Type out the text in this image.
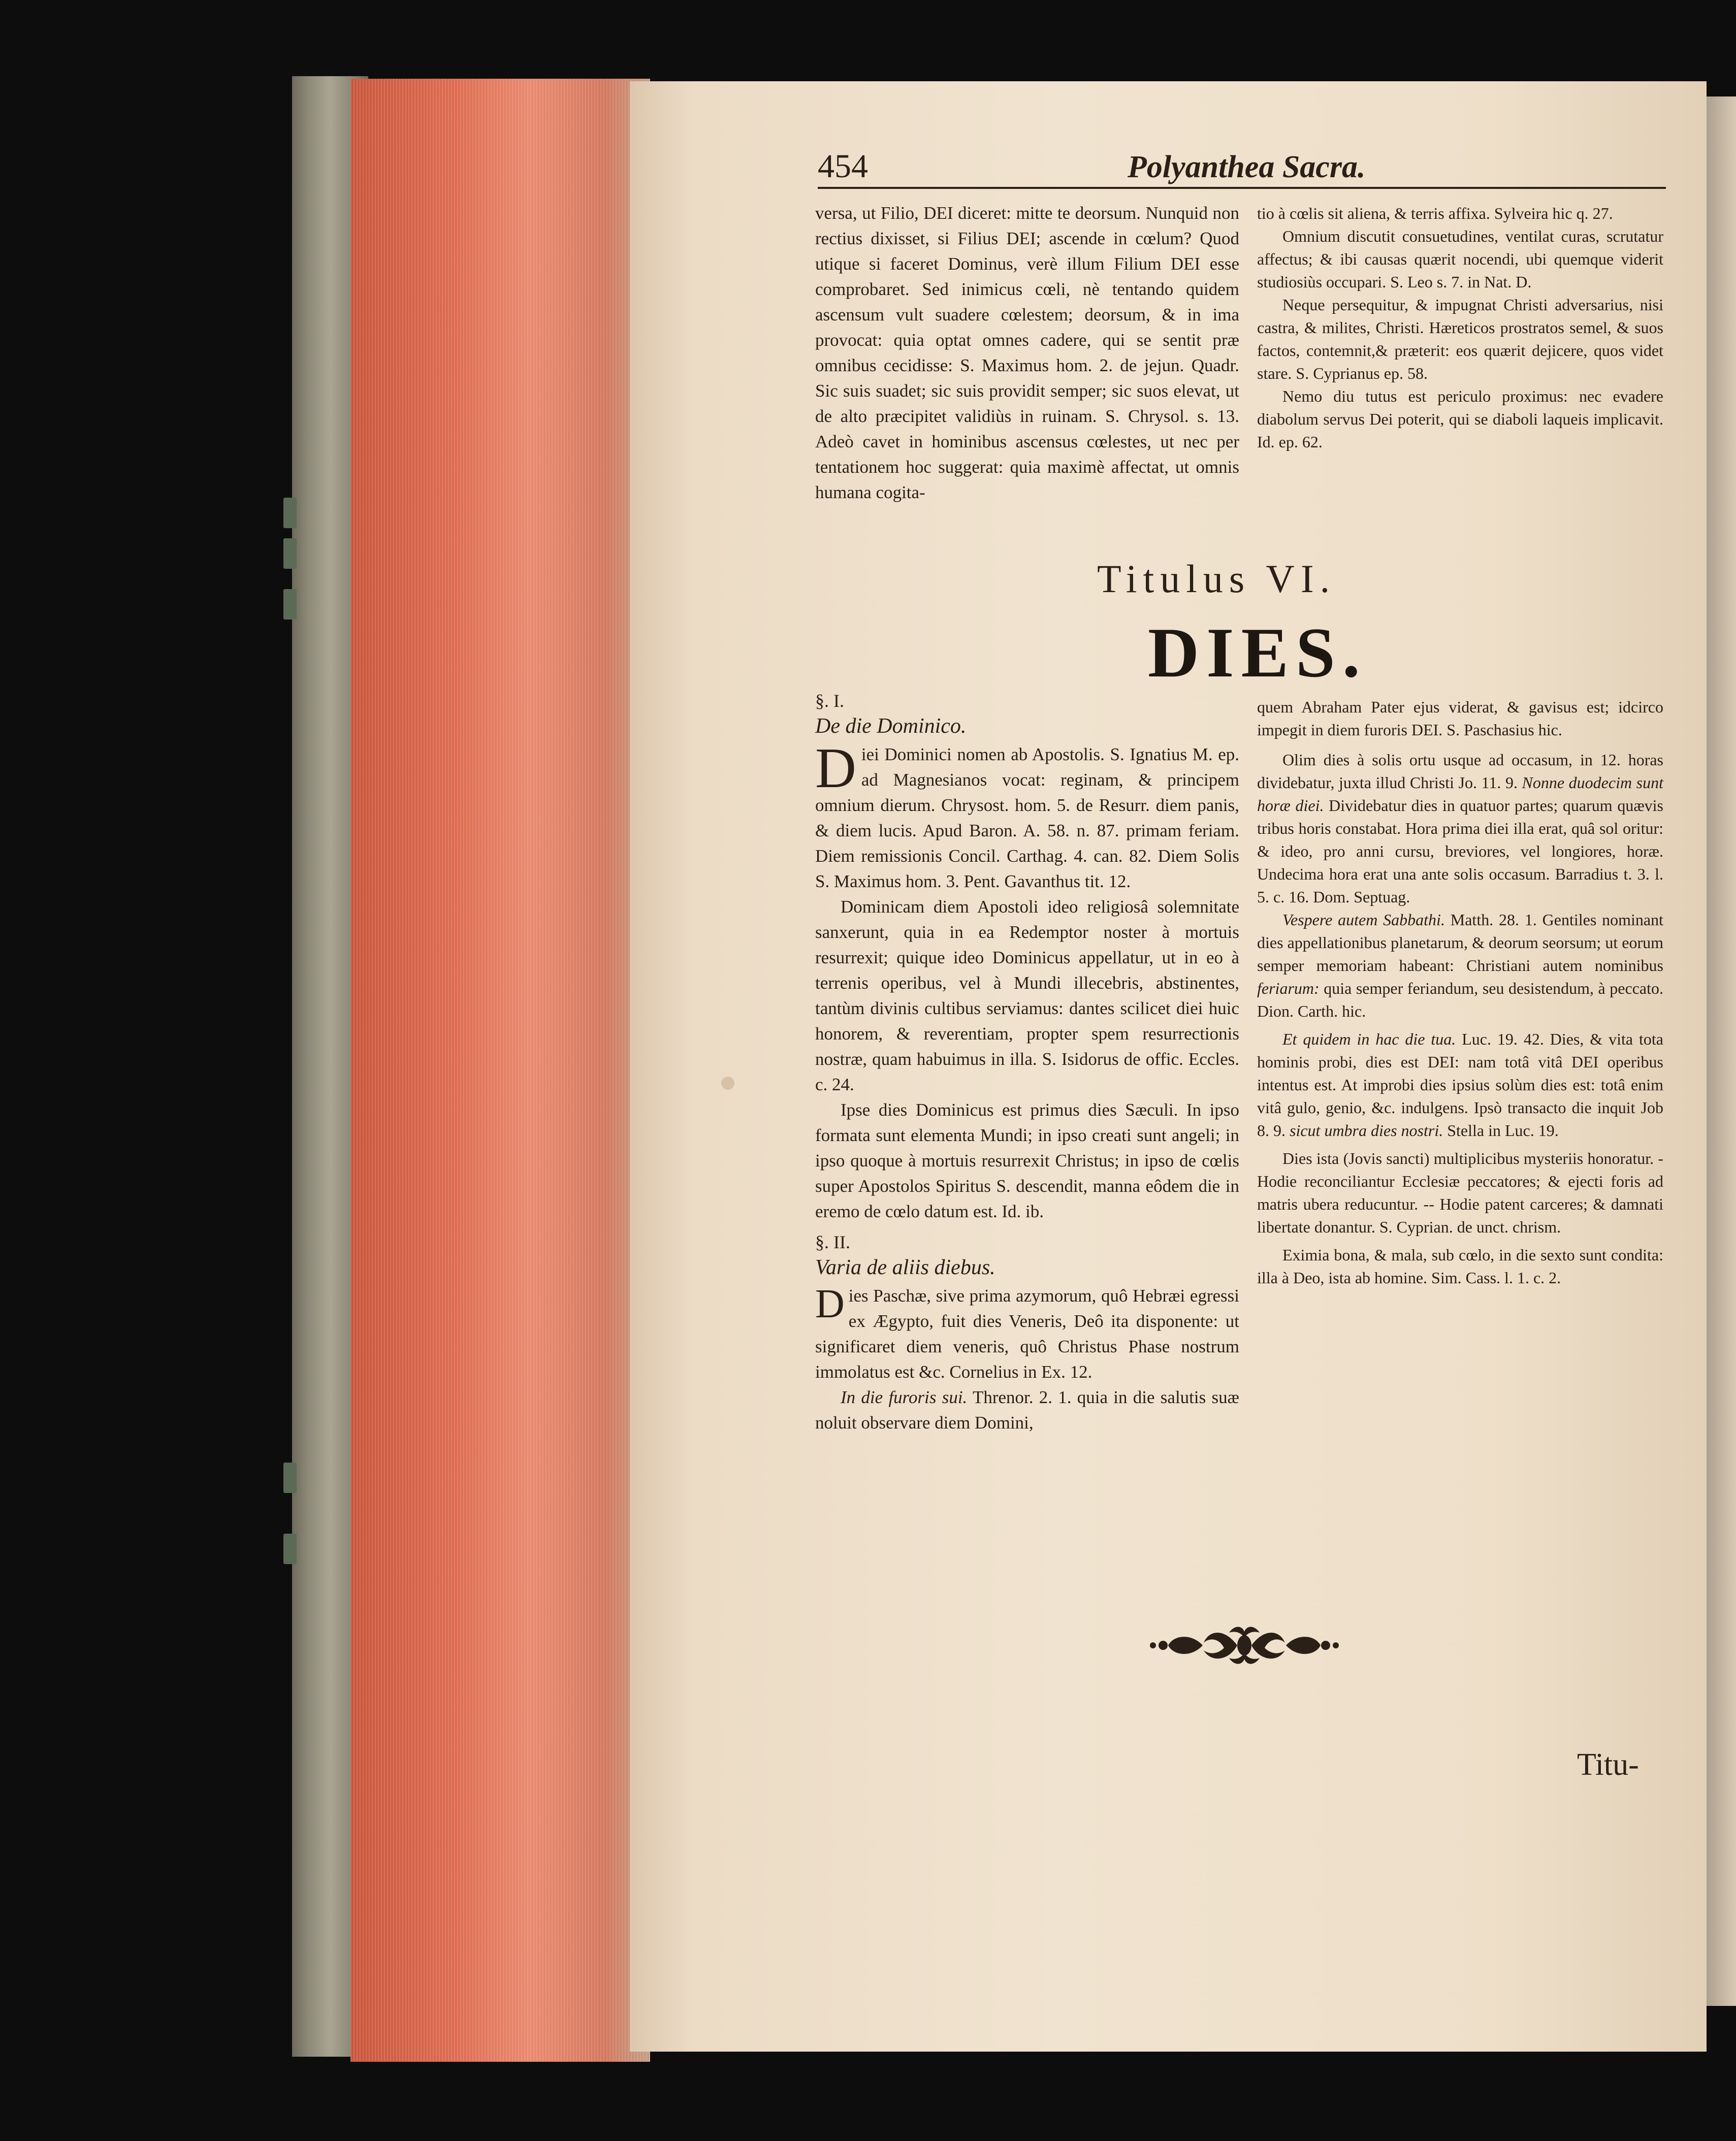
454	Polyanthea Sacra.

versa, ut Filio, DEI diceret: mitte te deorsum. Nunquid non rectius dixisset, si Filius DEI; ascende in cœlum? Quod utique si faceret Dominus, verè illum Filium DEI esse comprobaret. Sed inimicus cœli, nè tentando quidem ascensum vult suadere cœlestem; deorsum, & in ima provocat: quia optat omnes cadere, qui se sentit præ omnibus cecidisse: S. Maximus hom. 2. de jejun. Quadr. Sic suis suadet; sic suis providit semper; sic suos elevat, ut de alto præcipitet validiùs in ruinam. S. Chrysol. s. 13. Adeò cavet in hominibus ascensus cœlestes, ut nec per tentationem hoc suggerat: quia maximè affectat, ut omnis humana cogita-

tio à cœlis sit aliena, & terris affixa. Sylveira hic q. 27.

Omnium discutit consuetudines, ventilat curas, scrutatur affectus; & ibi causas quærit nocendi, ubi quemque viderit studiosiùs occupari. S. Leo s. 7. in Nat. D.

Neque persequitur, & impugnat Christi adversarius, nisi castra, & milites, Christi. Hæreticos prostratos semel, & suos factos, contemnit,& præterit: eos quærit dejicere, quos videt stare. S. Cyprianus ep. 58.

Nemo diu tutus est periculo proximus: nec evadere diabolum servus Dei poterit, qui se diaboli laqueis implicavit. Id. ep. 62.

Titulus VI.
DIES.

§. I.

De die Dominico.

Diei Dominici nomen ab Apostolis. S. Ignatius M. ep. ad Magnesianos vocat: reginam, & principem omnium dierum. Chrysost. hom. 5. de Resurr. diem panis, & diem lucis. Apud Baron. A. 58. n. 87. primam feriam. Diem remissionis Concil. Carthag. 4. can. 82. Diem Solis S. Maximus hom. 3. Pent. Gavanthus tit. 12.

Dominicam diem Apostoli ideo religiosâ solemnitate sanxerunt, quia in ea Redemptor noster à mortuis resurrexit; quique ideo Dominicus appellatur, ut in eo à terrenis operibus, vel à Mundi illecebris, abstinentes, tantùm divinis cultibus serviamus: dantes scilicet diei huic honorem, & reverentiam, propter spem resurrectionis nostræ, quam habuimus in illa. S. Isidorus de offic. Eccles. c. 24.

Ipse dies Dominicus est primus dies Sæculi. In ipso formata sunt elementa Mundi; in ipso creati sunt angeli; in ipso quoque à mortuis resurrexit Christus; in ipso de cœlis super Apostolos Spiritus S. descendit, manna eôdem die in eremo de cœlo datum est. Id. ib.

§. II.

Varia de aliis diebus.

Dies Paschæ, sive prima azymorum, quô Hebræi egressi ex Ægypto, fuit dies Veneris, Deô ita disponente: ut significaret diem veneris, quô Christus Phase nostrum immolatus est &c. Cornelius in Ex. 12.

In die furoris sui. Threnor. 2. 1. quia in die salutis suæ noluit observare diem Domini,

quem Abraham Pater ejus viderat, & gavisus est; idcirco impegit in diem furoris DEI. S. Paschasius hic.

Olim dies à solis ortu usque ad occasum, in 12. horas dividebatur, juxta illud Christi Jo. 11. 9. Nonne duodecim sunt horæ diei. Dividebatur dies in quatuor partes; quarum quævis tribus horis constabat. Hora prima diei illa erat, quâ sol oritur: & ideo, pro anni cursu, breviores, vel longiores, horæ. Undecima hora erat una ante solis occasum. Barradius t. 3. l. 5. c. 16. Dom. Septuag.

Vespere autem Sabbathi. Matth. 28. 1. Gentiles nominant dies appellationibus planetarum, & deorum seorsum; ut eorum semper memoriam habeant: Christiani autem nominibus feriarum: quia semper feriandum, seu desistendum, à peccato. Dion. Carth. hic.

Et quidem in hac die tua. Luc. 19. 42. Dies, & vita tota hominis probi, dies est DEI: nam totâ vitâ DEI operibus intentus est. At improbi dies ipsius solùm dies est: totâ enim vitâ gulo, genio, &c. indulgens. Ipsò transacto die inquit Job 8. 9. sicut umbra dies nostri. Stella in Luc. 19.

Dies ista (Jovis sancti) multiplicibus mysteriis honoratur. - Hodie reconciliantur Ecclesiæ peccatores; & ejecti foris ad matris ubera reducuntur. -- Hodie patent carceres; & damnati libertate donantur. S. Cyprian. de unct. chrism.

Eximia bona, & mala, sub cœlo, in die sexto sunt condita: illa à Deo, ista ab homine. Sim. Cass. l. 1. c. 2.

Titu-
